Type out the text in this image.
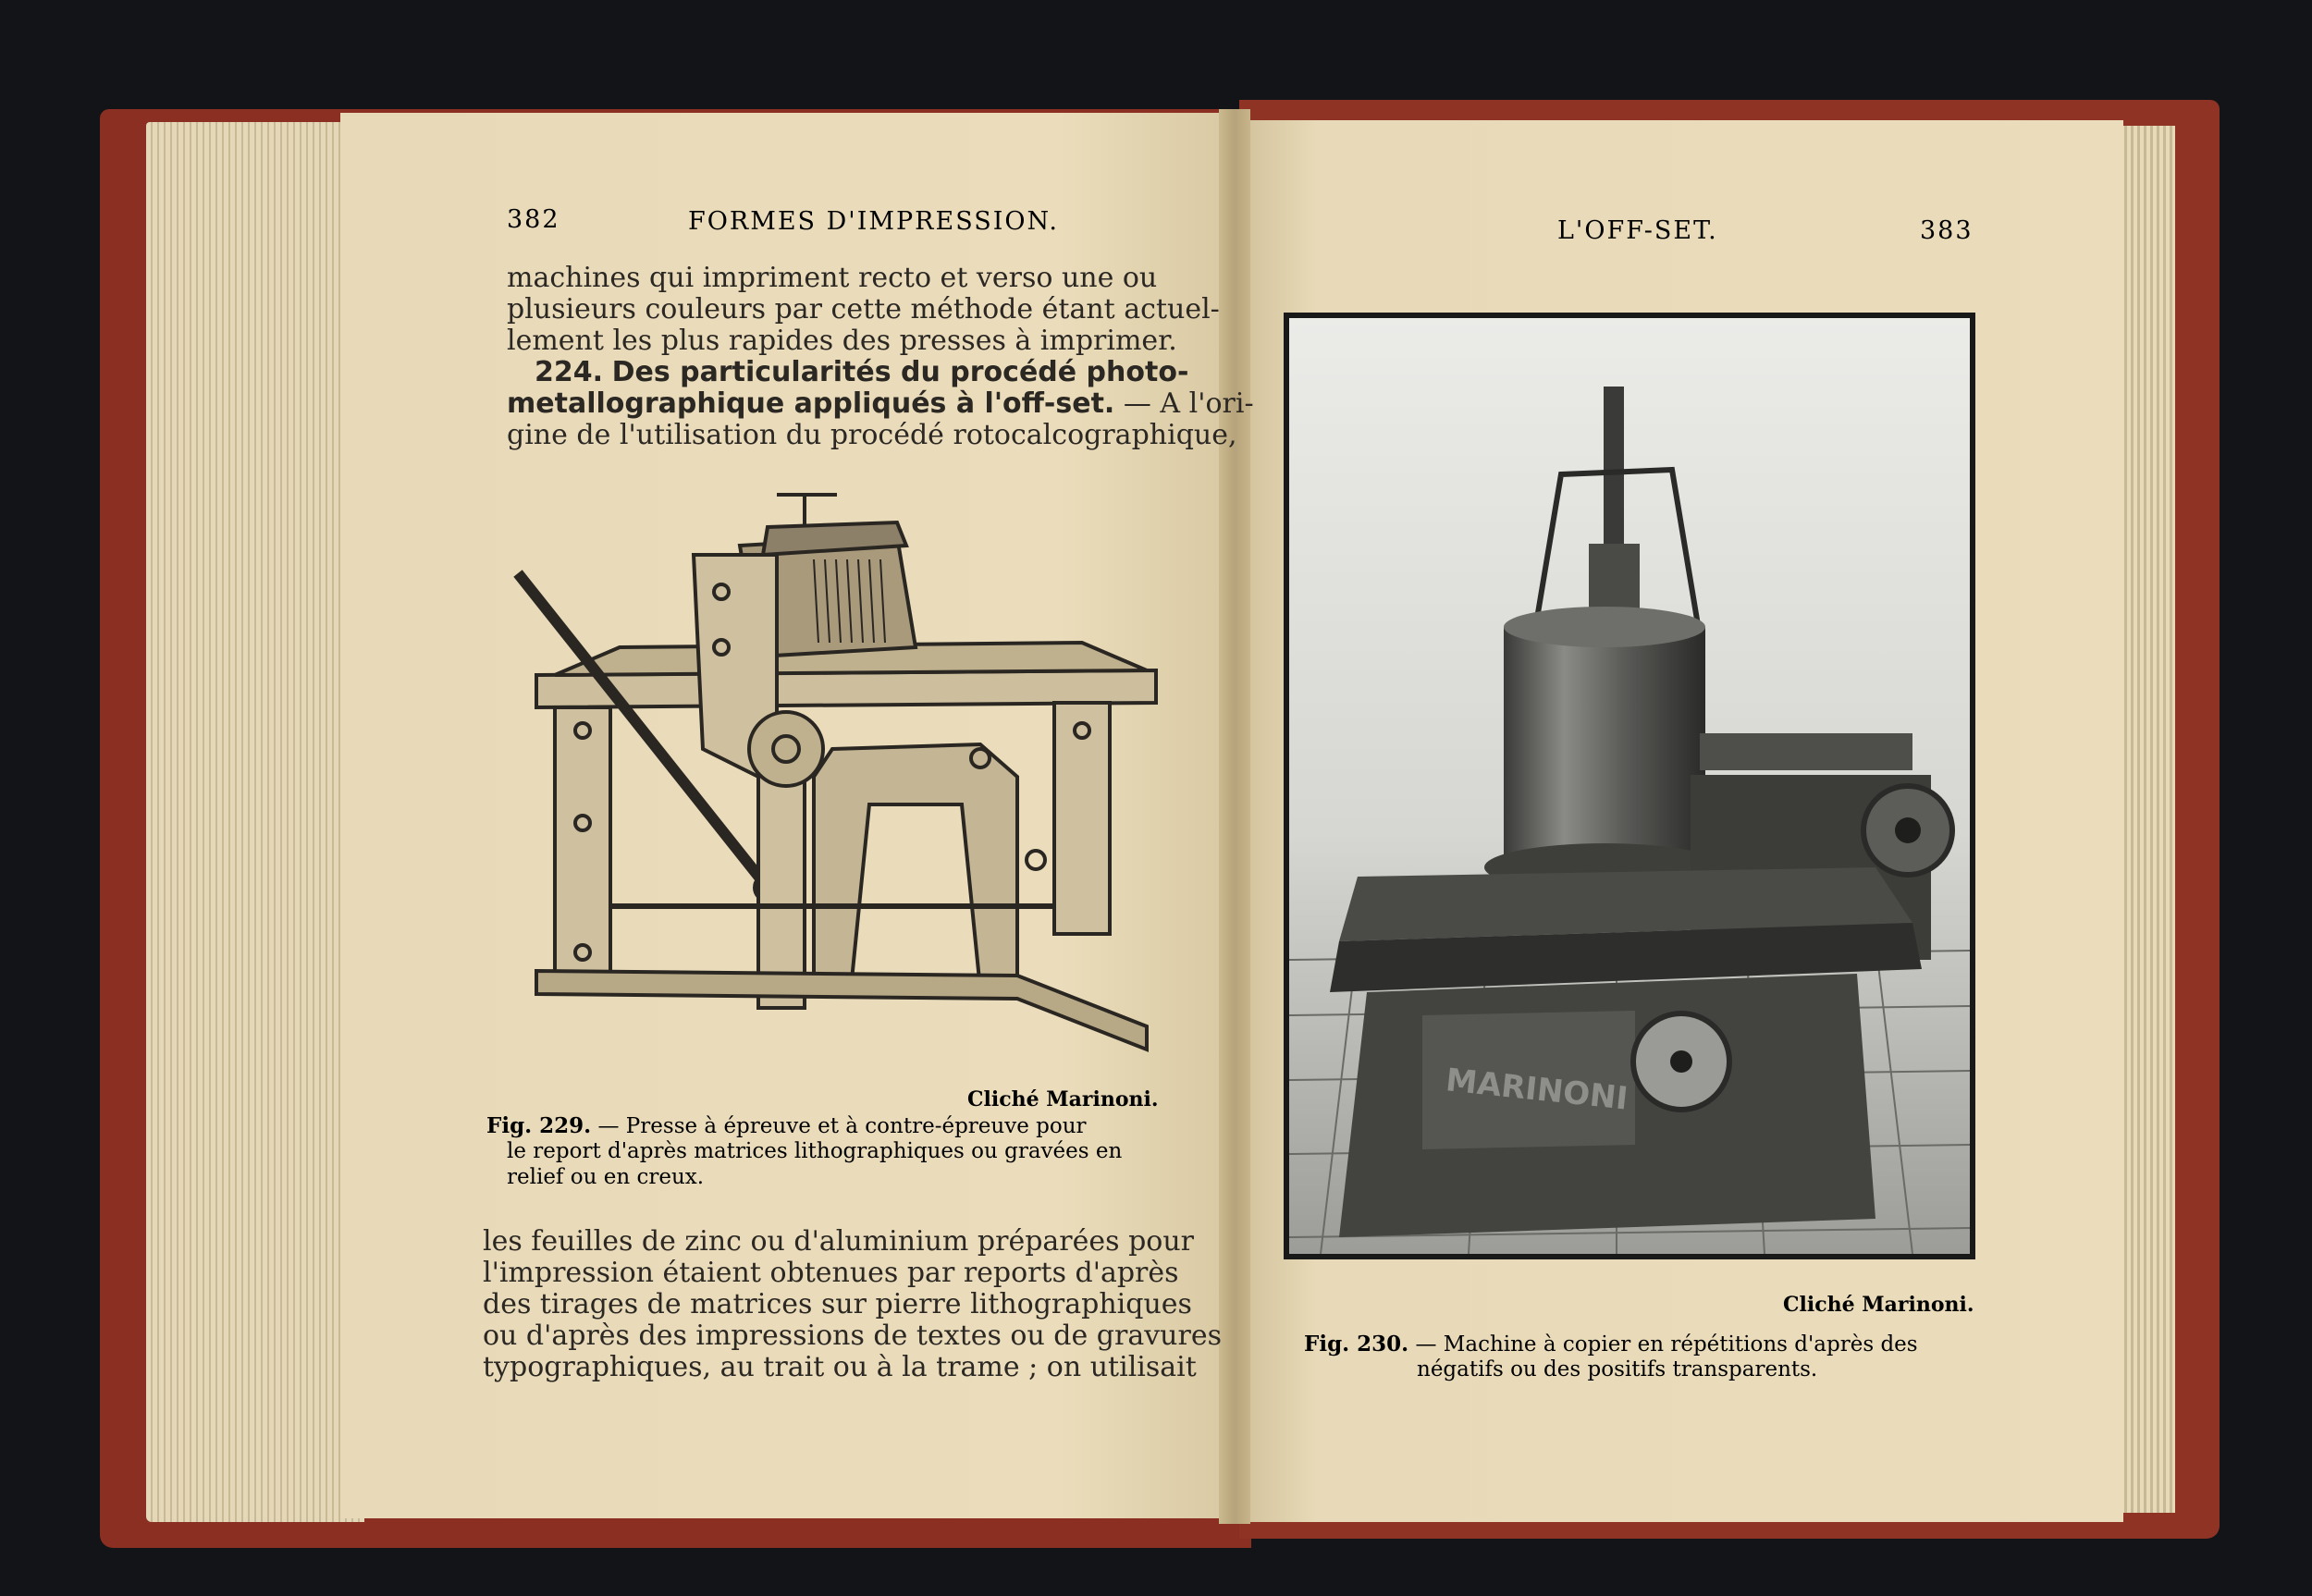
382	FORMES D'IMPRESSION.
machines qui impriment recto et verso une ou
plusieurs couleurs par cette méthode étant actuel-
lement les plus rapides des presses à imprimer.
224. Des particularités du procédé photo-
metallographique appliqués à l'off-set. — A l'ori-
gine de l'utilisation du procédé rotocalcographique,
Cliché Marinoni.
Fig. 229. — Presse à épreuve et à contre-épreuve pour
le report d'après matrices lithographiques ou gravées en
relief ou en creux.
les feuilles de zinc ou d'aluminium préparées pour
l'impression étaient obtenues par reports d'après
des tirages de matrices sur pierre lithographiques
ou d'après des impressions de textes ou de gravures
typographiques, au trait ou à la trame ; on utilisait
L'OFF-SET.	383
MARINONI
Cliché Marinoni.
Fig. 230. — Machine à copier en répétitions d'après des
négatifs ou des positifs transparents.
